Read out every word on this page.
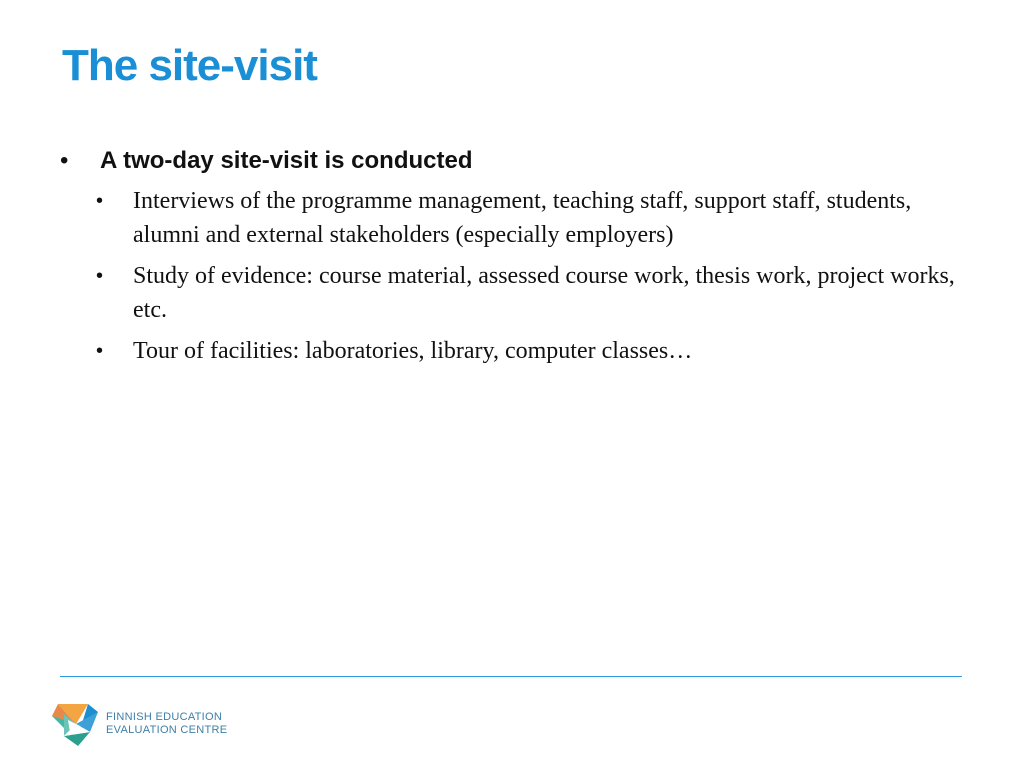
The site-visit
• A two-day site-visit is conducted
• Interviews of the programme management, teaching staff, support staff, students, alumni and external stakeholders (especially employers)
• Study of evidence: course material, assessed course work, thesis work, project works, etc.
• Tour of facilities: laboratories, library, computer classes…
FINNISH EDUCATION
EVALUATION CENTRE
